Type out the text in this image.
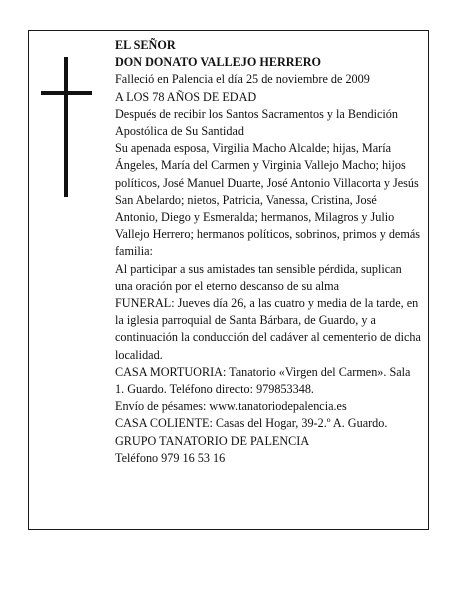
EL SEÑOR
DON DONATO VALLEJO HERRERO
Falleció en Palencia el día 25 de noviembre de 2009
A LOS 78 AÑOS DE EDAD
Después de recibir los Santos Sacramentos y la Bendición Apostólica de Su Santidad
Su apenada esposa, Virgilia Macho Alcalde; hijas, María Ángeles, María del Carmen y Virginia Vallejo Macho; hijos políticos, José Manuel Duarte, José Antonio Villacorta y Jesús San Abelardo; nietos, Patricia, Vanessa, Cristina, José Antonio, Diego y Esmeralda; hermanos, Milagros y Julio Vallejo Herrero; hermanos políticos, sobrinos, primos y demás familia:
Al participar a sus amistades tan sensible pérdida, suplican una oración por el eterno descanso de su alma
FUNERAL: Jueves día 26, a las cuatro y media de la tarde, en la iglesia parroquial de Santa Bárbara, de Guardo, y a continuación la conducción del cadáver al cementerio de dicha localidad.
CASA MORTUORIA: Tanatorio «Virgen del Carmen». Sala 1. Guardo. Teléfono directo: 979853348.
Envío de pésames: www.tanatoriodepalencia.es
CASA COLIENTE: Casas del Hogar, 39-2.º A. Guardo.
GRUPO TANATORIO DE PALENCIA
Teléfono 979 16 53 16
